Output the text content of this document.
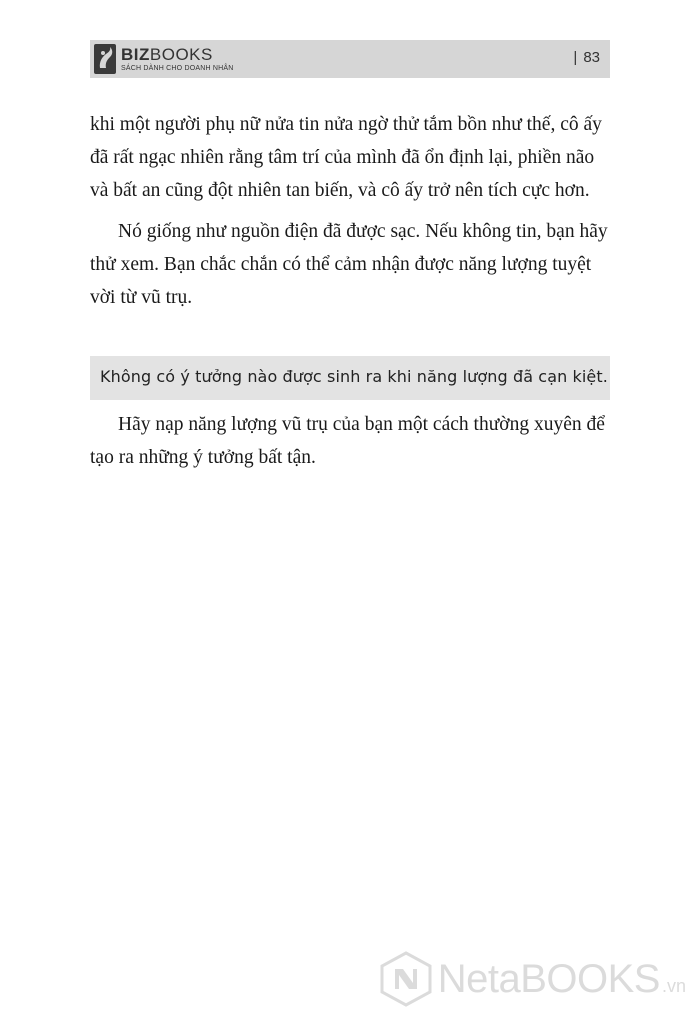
BIZBOOKS
SÁCH DÀNH CHO DOANH NHÂN
| 83

khi một người phụ nữ nửa tin nửa ngờ thử tắm bồn như thế, cô ấy đã rất ngạc nhiên rằng tâm trí của mình đã ổn định lại, phiền não và bất an cũng đột nhiên tan biến, và cô ấy trở nên tích cực hơn.

Nó giống như nguồn điện đã được sạc. Nếu không tin, bạn hãy thử xem. Bạn chắc chắn có thể cảm nhận được năng lượng tuyệt vời từ vũ trụ.

Không có ý tưởng nào được sinh ra khi năng lượng đã cạn kiệt.

Hãy nạp năng lượng vũ trụ của bạn một cách thường xuyên để tạo ra những ý tưởng bất tận.

NetaBOOKS .vn
